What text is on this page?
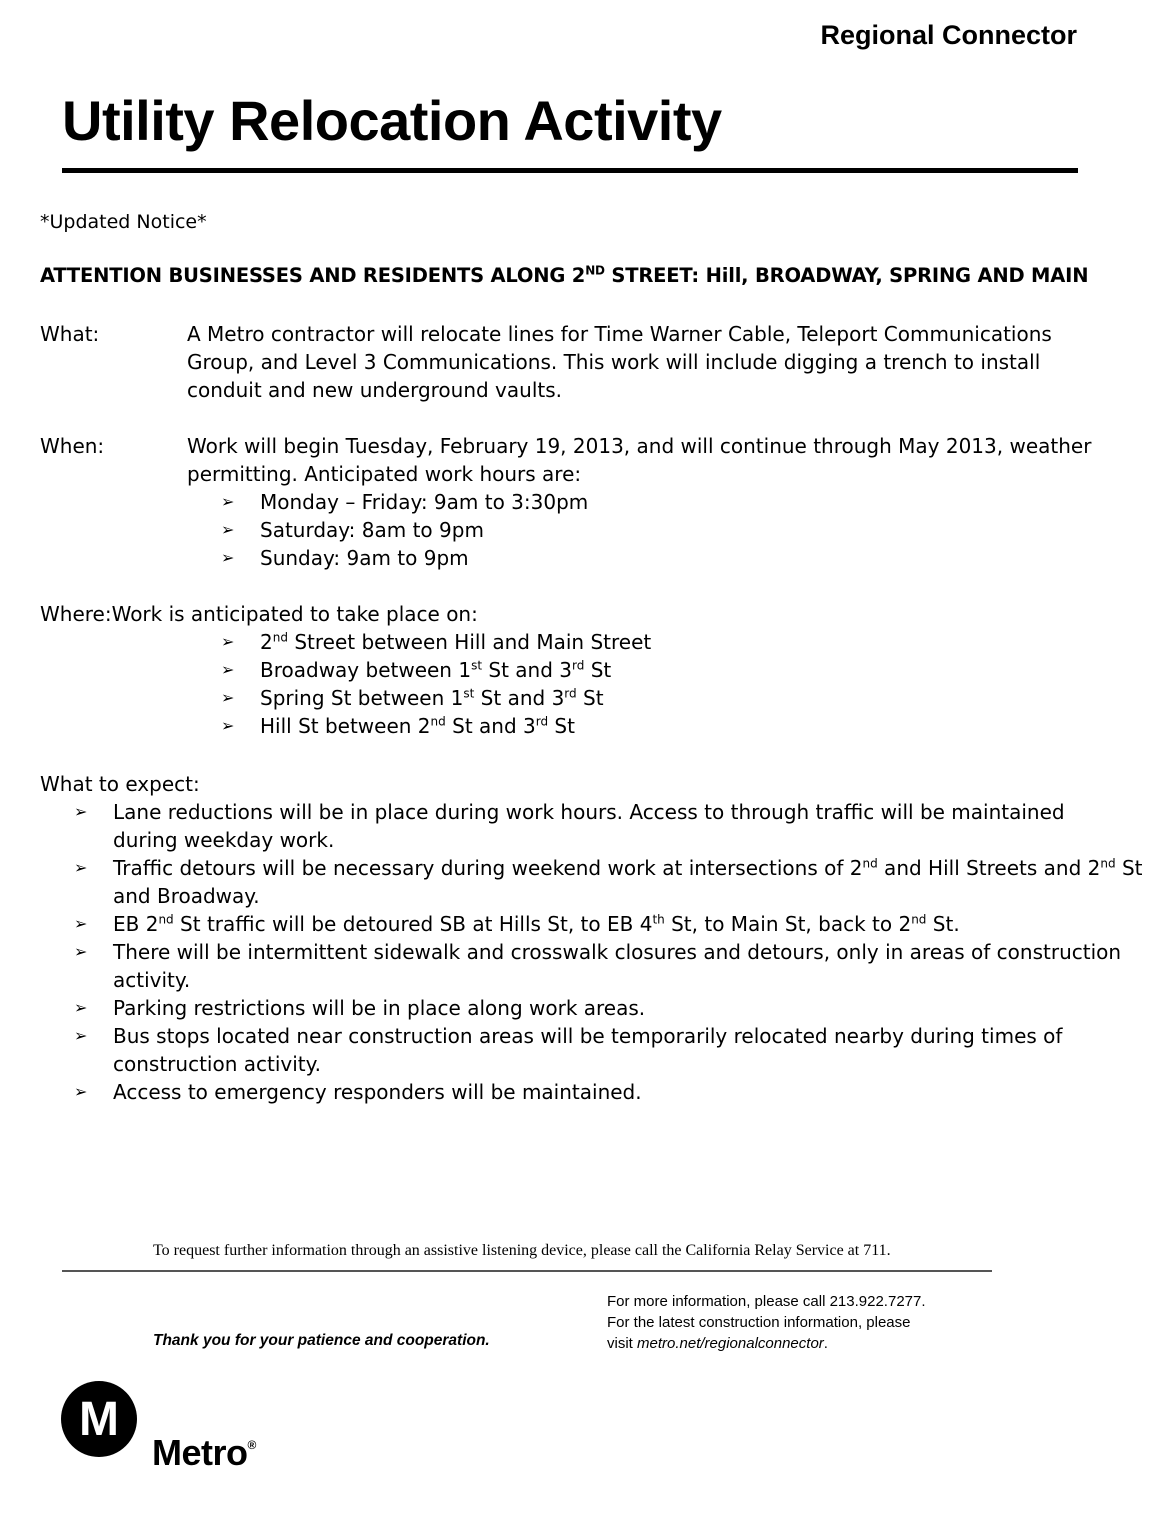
Regional Connector
Utility Relocation Activity
*Updated Notice*
ATTENTION BUSINESSES AND RESIDENTS ALONG 2ND STREET: Hill, BROADWAY, SPRING AND MAIN
What:	A Metro contractor will relocate lines for Time Warner Cable, Teleport Communications Group, and Level 3 Communications. This work will include digging a trench to install conduit and new underground vaults.
When:	Work will begin Tuesday, February 19, 2013, and will continue through May 2013, weather permitting. Anticipated work hours are:
➢ Monday – Friday: 9am to 3:30pm
➢ Saturday: 8am to 9pm
➢ Sunday: 9am to 9pm
Where:Work is anticipated to take place on:
➢ 2nd Street between Hill and Main Street
➢ Broadway between 1st St and 3rd St
➢ Spring St between 1st St and 3rd St
➢ Hill St between 2nd St and 3rd St
What to expect:
➢ Lane reductions will be in place during work hours. Access to through traffic will be maintained during weekday work.
➢ Traffic detours will be necessary during weekend work at intersections of 2nd and Hill Streets and 2nd St and Broadway.
➢ EB 2nd St traffic will be detoured SB at Hills St, to EB 4th St, to Main St, back to 2nd St.
➢ There will be intermittent sidewalk and crosswalk closures and detours, only in areas of construction activity.
➢ Parking restrictions will be in place along work areas.
➢ Bus stops located near construction areas will be temporarily relocated nearby during times of construction activity.
➢ Access to emergency responders will be maintained.
To request further information through an assistive listening device, please call the California Relay Service at 711.
Thank you for your patience and cooperation.
For more information, please call 213.922.7277.
For the latest construction information, please
visit metro.net/regionalconnector.
M
Metro®
